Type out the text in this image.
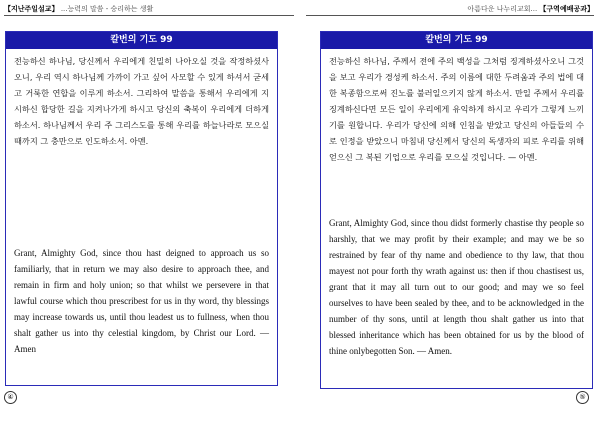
【지난주일설교】 ...능력의 말씀 - 승리하는 생활
칼번의 기도 99
전능하신 하나님, 당신께서 우리에게 친밀히 나아오실 것을 작정하셨사오니, 우리 역시 하나님께 가까이 가고 싶어 사모할 수 있게 하셔서 굳세고 거룩한 연합을 이루게 하소서. 그리하여 말씀을 통해서 우리에게 지시하신 합당한 길을 지켜나가게 하시고 당신의 축복이 우리에게 더하게 하소서. 하나님께서 우리 주 그리스도를 통해 우리를 하늘나라로 모으실 때까지 그 충만으로 인도하소서. 아멘.
Grant, Almighty God, since thou hast deigned to approach us so familiarly, that in return we may also desire to approach thee, and remain in firm and holy union; so that whilst we persevere in that lawful course which thou prescribest for us in thy word, thy blessings may increase towards us, until thou leadest us to fullness, when thou shalt gather us into thy celestial kingdom, by Christ our Lord. — Amen
④
아름다운 나누리교회... 【구역예배공과】
칼번의 기도 99
전능하신 하나님, 주께서 전에 주의 백성을 그처럼 징계하셨사오니 그것을 보고 우리가 경성케 하소서. 주의 이름에 대한 두려움과 주의 법에 대한 복종함으로써 진노를 불러일으키지 않게 하소서. 만일 주께서 우리를 징계하신다면 모든 일이 우리에게 유익하게 하시고 우리가 그렇게 느끼기를 원합니다. 우리가 당신에 의해 인침을 받았고 당신의 아들들의 수로 인정을 받았으니 마침내 당신께서 당신의 독생자의 피로 우리를 위해 얻으신 그 복된 기업으로 우리를 모으실 것입니다. — 아멘.
Grant, Almighty God, since thou didst formerly chastise thy people so harshly, that we may profit by their example; and may we be so restrained by fear of thy name and obedience to thy law, that thou mayest not pour forth thy wrath against us: then if thou chastisest us, grant that it may all turn out to our good; and may we so feel ourselves to have been sealed by thee, and to be acknowledged in the number of thy sons, until at length thou shalt gather us into that blessed inheritance which has been obtained for us by the blood of thine onlybegotten Son. — Amen.
⑤
